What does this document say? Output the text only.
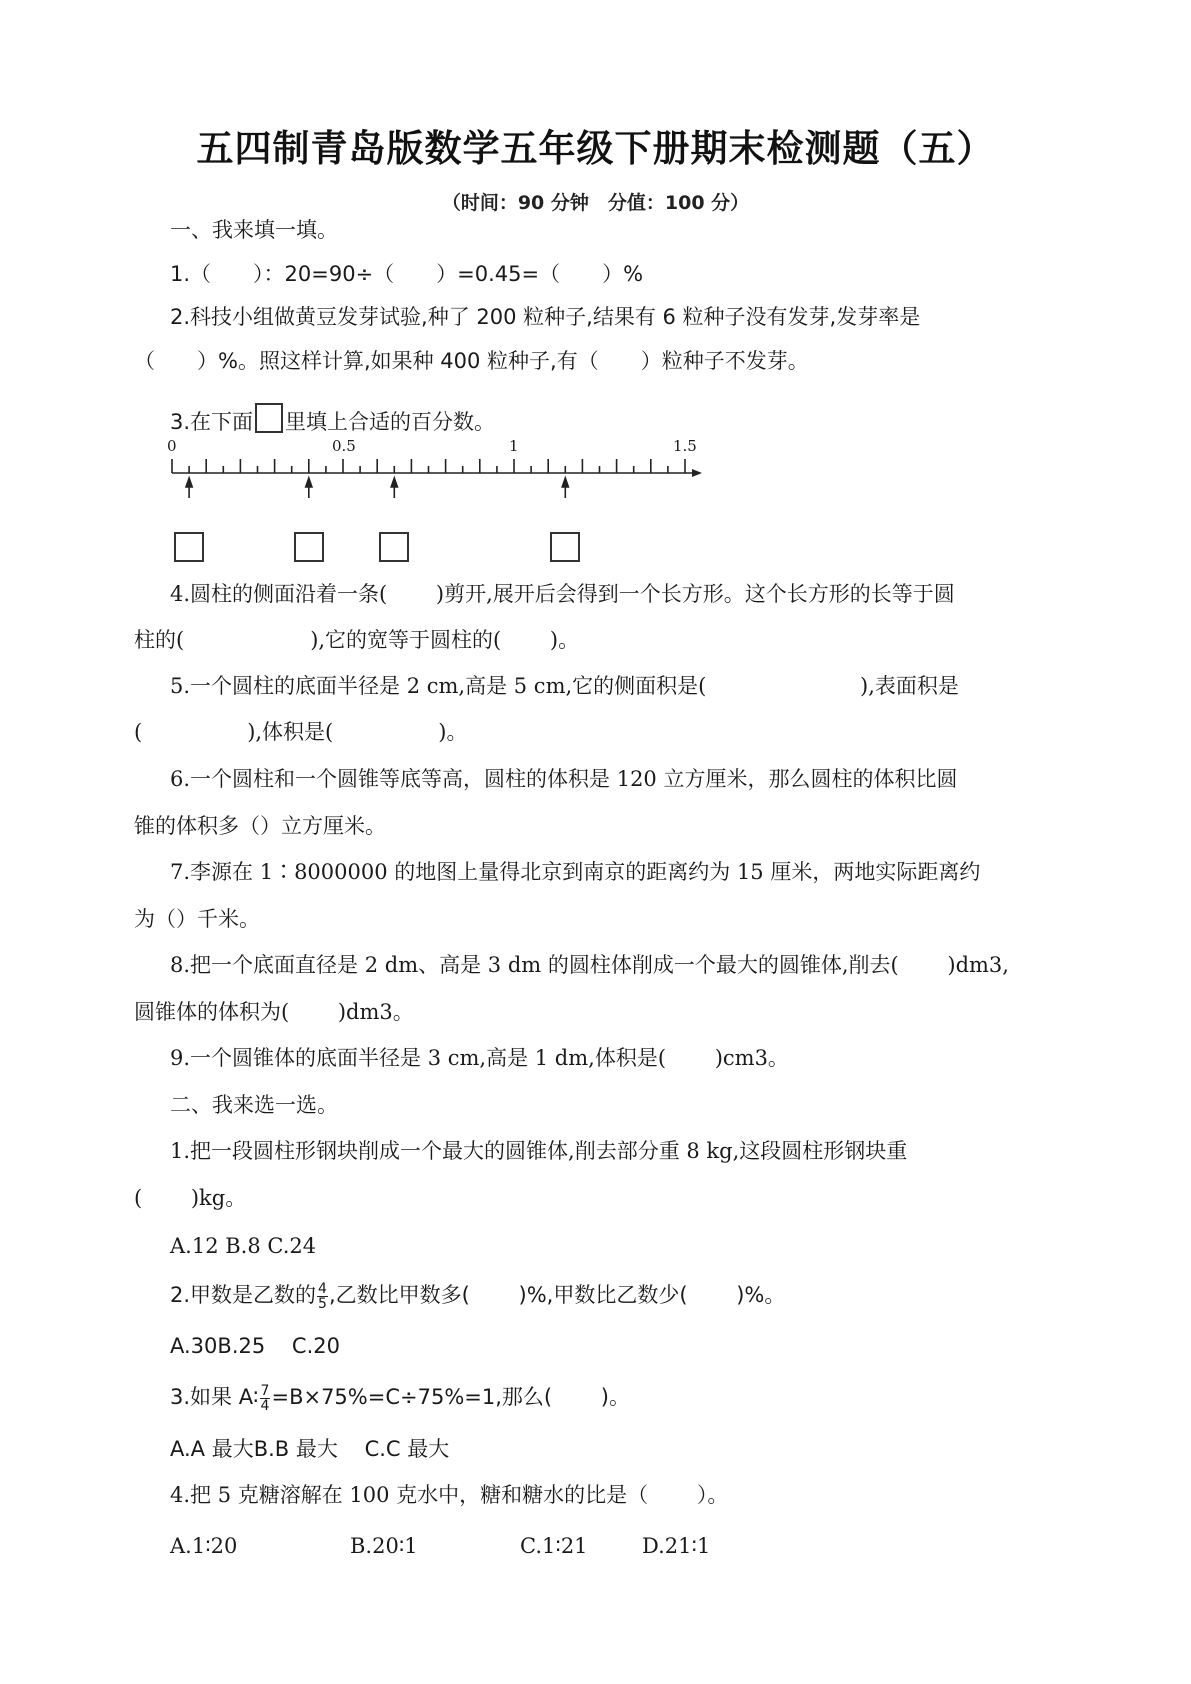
五四制青岛版数学五年级下册期末检测题（五）
（时间：90 分钟　分值：100 分）
一、我来填一填。
1.（　　）：20=90÷（　　）=0.45=（　　）%
2.科技小组做黄豆发芽试验,种了 200 粒种子,结果有 6 粒种子没有发芽,发芽率是
（　　）%。照这样计算,如果种 400 粒种子,有（　　）粒种子不发芽。
3.在下面 里填上合适的百分数。
0	0.5	1	1.5
4.圆柱的侧面沿着一条(　　 )剪开,展开后会得到一个长方形。这个长方形的长等于圆
柱的(　　　　　　),它的宽等于圆柱的(　　 )。
5.一个圆柱的底面半径是 2 cm,高是 5 cm,它的侧面积是(　　　　　　　 ),表面积是
(　　　　　),体积是(　　　　　)。
6.一个圆柱和一个圆锥等底等高，圆柱的体积是 120 立方厘米，那么圆柱的体积比圆
锥的体积多（）立方厘米。
7.李源在 1∶8000000 的地图上量得北京到南京的距离约为 15 厘米，两地实际距离约
为（）千米。
8.把一个底面直径是 2 dm、高是 3 dm 的圆柱体削成一个最大的圆锥体,削去(　　 )dm3,
圆锥体的体积为(　　 )dm3。
9.一个圆锥体的底面半径是 3 cm,高是 1 dm,体积是(　　 )cm3。
二、我来选一选。
1.把一段圆柱形钢块削成一个最大的圆锥体,削去部分重 8 kg,这段圆柱形钢块重
(　　 )kg。
A.12 B.8 C.24
2.甲数是乙数的 $\frac{4}{5}$ ,乙数比甲数多(　　 )%,甲数比乙数少(　　 )%。
A.30B.25 C.20
3.如果 A∶ $\frac{7}{4} =B\times 75\%=C\div 75\%=1$,那么(　　 )。
A.A 最大B.B 最大 C.C 最大
4.把 5 克糖溶解在 100 克水中，糖和糖水的比是（　　 ）。
A.1∶20	B.20∶1	C.1∶21	D.21∶1
